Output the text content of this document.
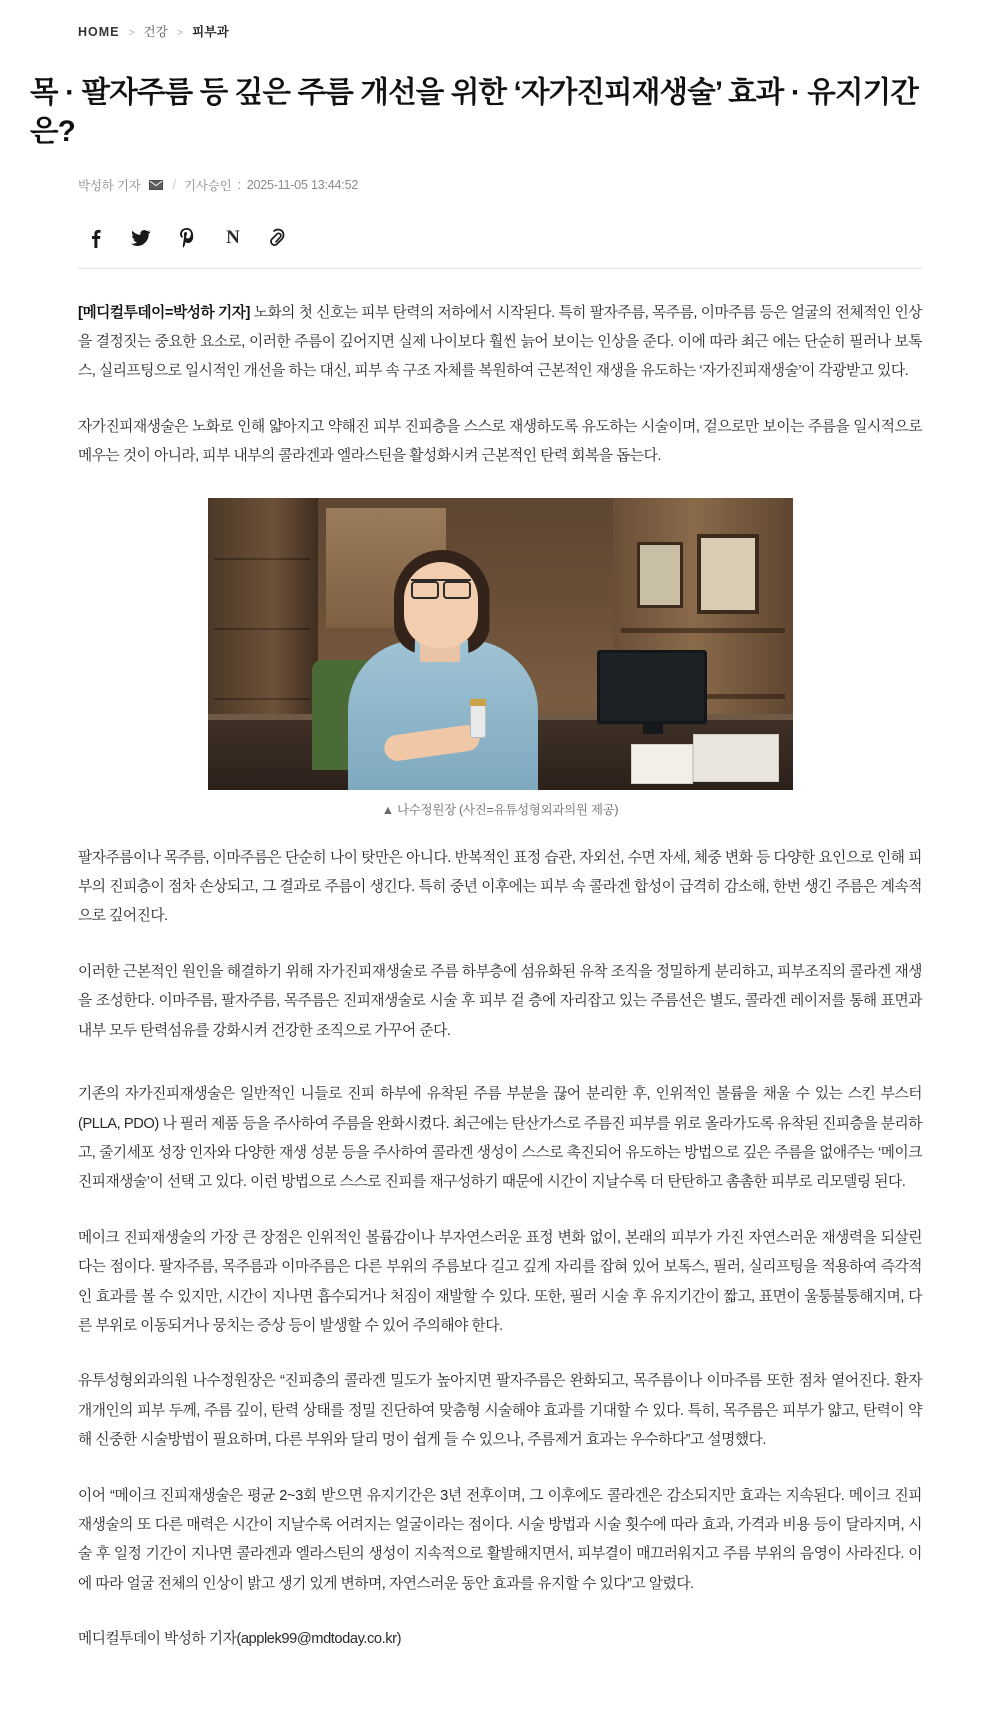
HOME > 건강 > 피부과
목 · 팔자주름 등 깊은 주름 개선을 위한 ‘자가진피재생술’ 효과 · 유지기간은?
박성하 기자	/ 기사승인 : 2025-11-05 13:44:52
N

[메디컬투데이=박성하 기자] 노화의 첫 신호는 피부 탄력의 저하에서 시작된다. 특히 팔자주름, 목주름, 이마주름 등은 얼굴의 전체적인 인상을 결정짓는 중요한 요소로, 이러한 주름이 깊어지면 실제 나이보다 훨씬 늙어 보이는 인상을 준다. 이에 따라 최근 에는 단순히 필러나 보톡스, 실리프팅으로 일시적인 개선을 하는 대신, 피부 속 구조 자체를 복원하여 근본적인 재생을 유도하는 ‘자가진피재생술’이 각광받고 있다.

자가진피재생술은 노화로 인해 얇아지고 약해진 피부 진피층을 스스로 재생하도록 유도하는 시술이며, 겉으로만 보이는 주름을 일시적으로 메우는 것이 아니라, 피부 내부의 콜라겐과 엘라스틴을 활성화시켜 근본적인 탄력 회복을 돕는다.

▲ 나수정원장 (사진=유튜성형외과의원 제공)

팔자주름이나 목주름, 이마주름은 단순히 나이 탓만은 아니다. 반복적인 표정 습관, 자외선, 수면 자세, 체중 변화 등 다양한 요인으로 인해 피부의 진피층이 점차 손상되고, 그 결과로 주름이 생긴다. 특히 중년 이후에는 피부 속 콜라겐 합성이 급격히 감소해, 한번 생긴 주름은 계속적으로 깊어진다.

이러한 근본적인 원인을 해결하기 위해 자가진피재생술로 주름 하부층에 섬유화된 유착 조직을 정밀하게 분리하고, 피부조직의 콜라겐 재생을 조성한다. 이마주름, 팔자주름, 목주름은 진피재생술로 시술 후 피부 겉 층에 자리잡고 있는 주름선은 별도, 콜라겐 레이저를 통해 표면과 내부 모두 탄력섬유를 강화시켜 건강한 조직으로 가꾸어 준다.

기존의 자가진피재생술은 일반적인 니들로 진피 하부에 유착된 주름 부분을 끊어 분리한 후, 인위적인 볼륨을 채울 수 있는 스킨 부스터 (PLLA, PDO) 나 필러 제품 등을 주사하여 주름을 완화시켰다. 최근에는 탄산가스로 주름진 피부를 위로 올라가도록 유착된 진피층을 분리하고, 줄기세포 성장 인자와 다양한 재생 성분 등을 주사하여 콜라겐 생성이 스스로 촉진되어 유도하는 방법으로 깊은 주름을 없애주는 ‘메이크 진피재생술’이 선택 고 있다. 이런 방법으로 스스로 진피를 재구성하기 때문에 시간이 지날수록 더 탄탄하고 촘촘한 피부로 리모델링 된다.

메이크 진피재생술의 가장 큰 장점은 인위적인 볼륨감이나 부자연스러운 표정 변화 없이, 본래의 피부가 가진 자연스러운 재생력을 되살린다는 점이다. 팔자주름, 목주름과 이마주름은 다른 부위의 주름보다 길고 깊게 자리를 잡혀 있어 보톡스, 필러, 실리프팅을 적용하여 즉각적인 효과를 볼 수 있지만, 시간이 지나면 흡수되거나 처짐이 재발할 수 있다. 또한, 필러 시술 후 유지기간이 짧고, 표면이 울퉁불퉁해지며, 다른 부위로 이동되거나 뭉치는 증상 등이 발생할 수 있어 주의해야 한다.

유투성형외과의원 나수정원장은 “진피층의 콜라겐 밀도가 높아지면 팔자주름은 완화되고, 목주름이나 이마주름 또한 점차 옅어진다. 환자 개개인의 피부 두께, 주름 깊이, 탄력 상태를 정밀 진단하여 맞춤형 시술해야 효과를 기대할 수 있다. 특히, 목주름은 피부가 얇고, 탄력이 약해 신중한 시술방법이 필요하며, 다른 부위와 달리 멍이 쉽게 들 수 있으나, 주름제거 효과는 우수하다”고 설명했다.

이어 “메이크 진피재생술은 평균 2~3회 받으면 유지기간은 3년 전후이며, 그 이후에도 콜라겐은 감소되지만 효과는 지속된다. 메이크 진피 재생술의 또 다른 매력은 시간이 지날수록 어려지는 얼굴이라는 점이다. 시술 방법과 시술 횟수에 따라 효과, 가격과 비용 등이 달라지며, 시술 후 일정 기간이 지나면 콜라겐과 엘라스틴의 생성이 지속적으로 활발해지면서, 피부결이 매끄러워지고 주름 부위의 음영이 사라진다. 이에 따라 얼굴 전체의 인상이 밝고 생기 있게 변하며, 자연스러운 동안 효과를 유지할 수 있다”고 알렸다.

메디컬투데이 박성하 기자(applek99@mdtoday.co.kr)
